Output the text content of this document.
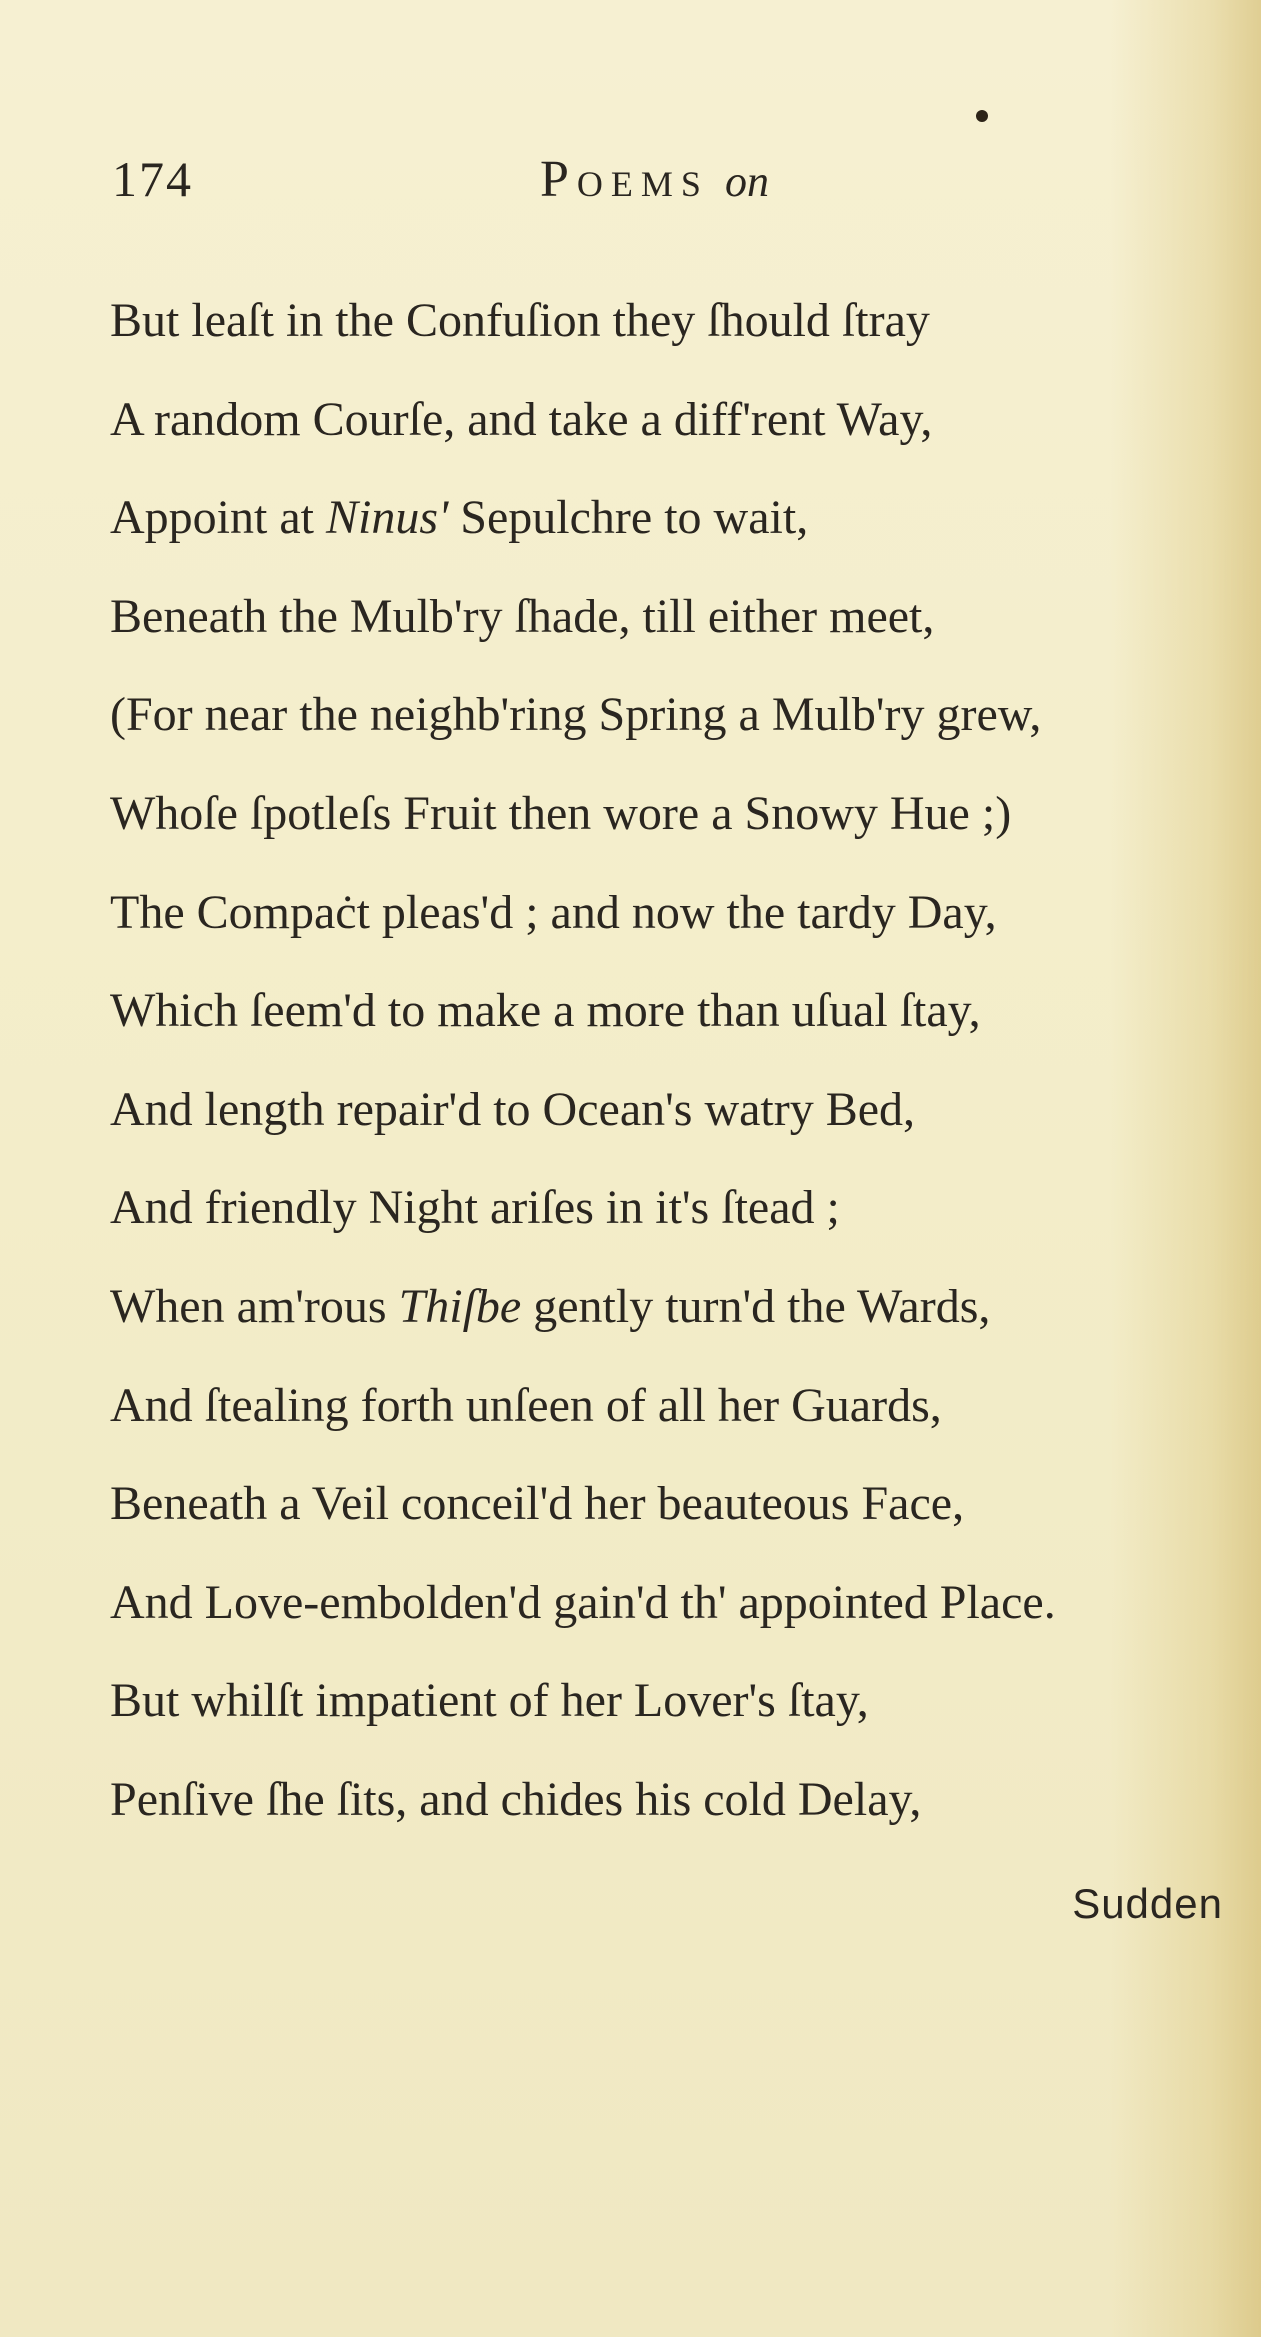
174	Poems on
But leaſt in the Confuſion they ſhould ſtray
A random Courſe, and take a diff'rent Way,
Appoint at Ninus' Sepulchre to wait,
Beneath the Mulb'ry ſhade, till either meet,
(For near the neighb'ring Spring a Mulb'ry grew,
Whoſe ſpotleſs Fruit then wore a Snowy Hue ;)
The Compaċt pleas'd ; and now the tardy Day,
Which ſeem'd to make a more than uſual ſtay,
And length repair'd to Ocean's watry Bed,
And friendly Night ariſes in it's ſtead ;
When am'rous Thiſbe gently turn'd the Wards,
And ſtealing forth unſeen of all her Guards,
Beneath a Veil conceil'd her beauteous Face,
And Love-embolden'd gain'd th' appointed Place.
But whilſt impatient of her Lover's ſtay,
Penſive ſhe ſits, and chides his cold Delay,
Sudden
